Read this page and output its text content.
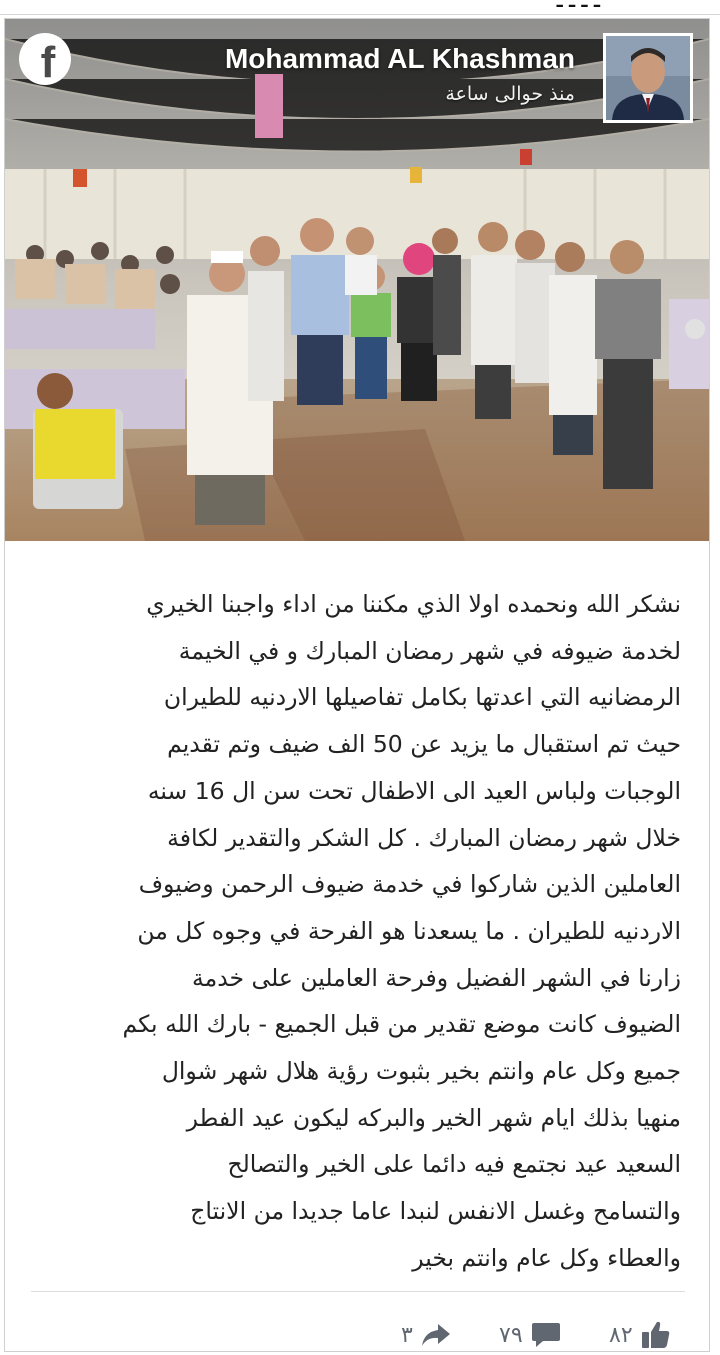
ـ ـ ـ ـ
f	Mohammad AL Khashman
منذ حوالى ساعة
نشكر الله ونحمده اولا الذي مكننا من اداء واجبنا الخيري
لخدمة ضيوفه في شهر رمضان المبارك و في الخيمة
الرمضانيه التي اعدتها بكامل تفاصيلها الاردنيه للطيران
حيث تم استقبال ما يزيد عن 50 الف ضيف وتم تقديم
الوجبات ولباس العيد الى الاطفال تحت سن ال 16 سنه
خلال شهر رمضان المبارك . كل الشكر والتقدير لكافة
العاملين الذين شاركوا في خدمة ضيوف الرحمن وضيوف
الاردنيه للطيران . ما يسعدنا هو الفرحة في وجوه كل من
زارنا في الشهر الفضيل وفرحة العاملين على خدمة
الضيوف كانت موضع تقدير من قبل الجميع - بارك الله بكم
جميع وكل عام وانتم بخير بثبوت رؤية هلال شهر شوال
منهيا بذلك ايام شهر الخير والبركه ليكون عيد الفطر
السعيد عيد نجتمع فيه دائما على الخير والتصالح
والتسامح وغسل الانفس لنبدا عاما جديدا من الانتاج
والعطاء وكل عام وانتم بخير
٣	٧٩	٨٢
